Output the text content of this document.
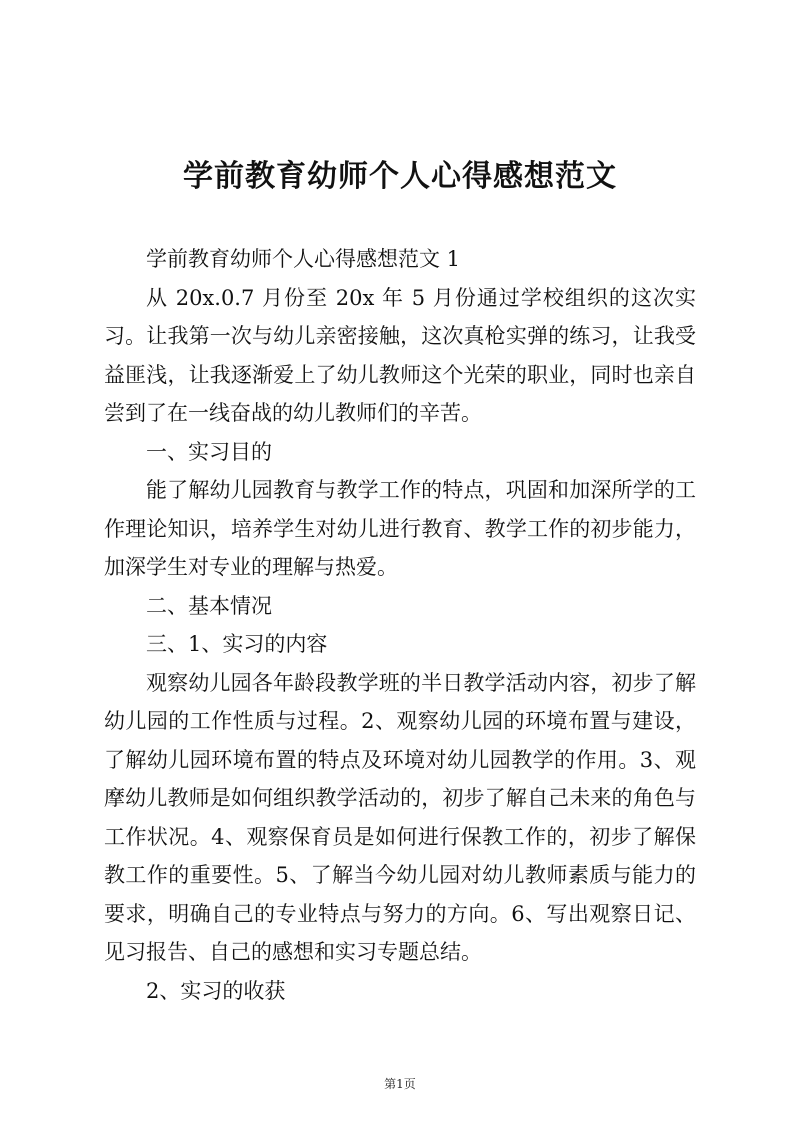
学前教育幼师个人心得感想范文

学前教育幼师个人心得感想范文 1

从 20x.0.7 月份至 20x 年 5 月份通过学校组织的这次实习。让我第一次与幼儿亲密接触，这次真枪实弹的练习，让我受益匪浅，让我逐渐爱上了幼儿教师这个光荣的职业，同时也亲自尝到了在一线奋战的幼儿教师们的辛苦。

一、实习目的

能了解幼儿园教育与教学工作的特点，巩固和加深所学的工作理论知识，培养学生对幼儿进行教育、教学工作的初步能力，加深学生对专业的理解与热爱。

二、基本情况

三、1、实习的内容

观察幼儿园各年龄段教学班的半日教学活动内容，初步了解幼儿园的工作性质与过程。2、观察幼儿园的环境布置与建设，了解幼儿园环境布置的特点及环境对幼儿园教学的作用。3、观摩幼儿教师是如何组织教学活动的，初步了解自己未来的角色与工作状况。4、观察保育员是如何进行保教工作的，初步了解保教工作的重要性。5、了解当今幼儿园对幼儿教师素质与能力的要求，明确自己的专业特点与努力的方向。6、写出观察日记、见习报告、自己的感想和实习专题总结。

2、实习的收获

第1页
